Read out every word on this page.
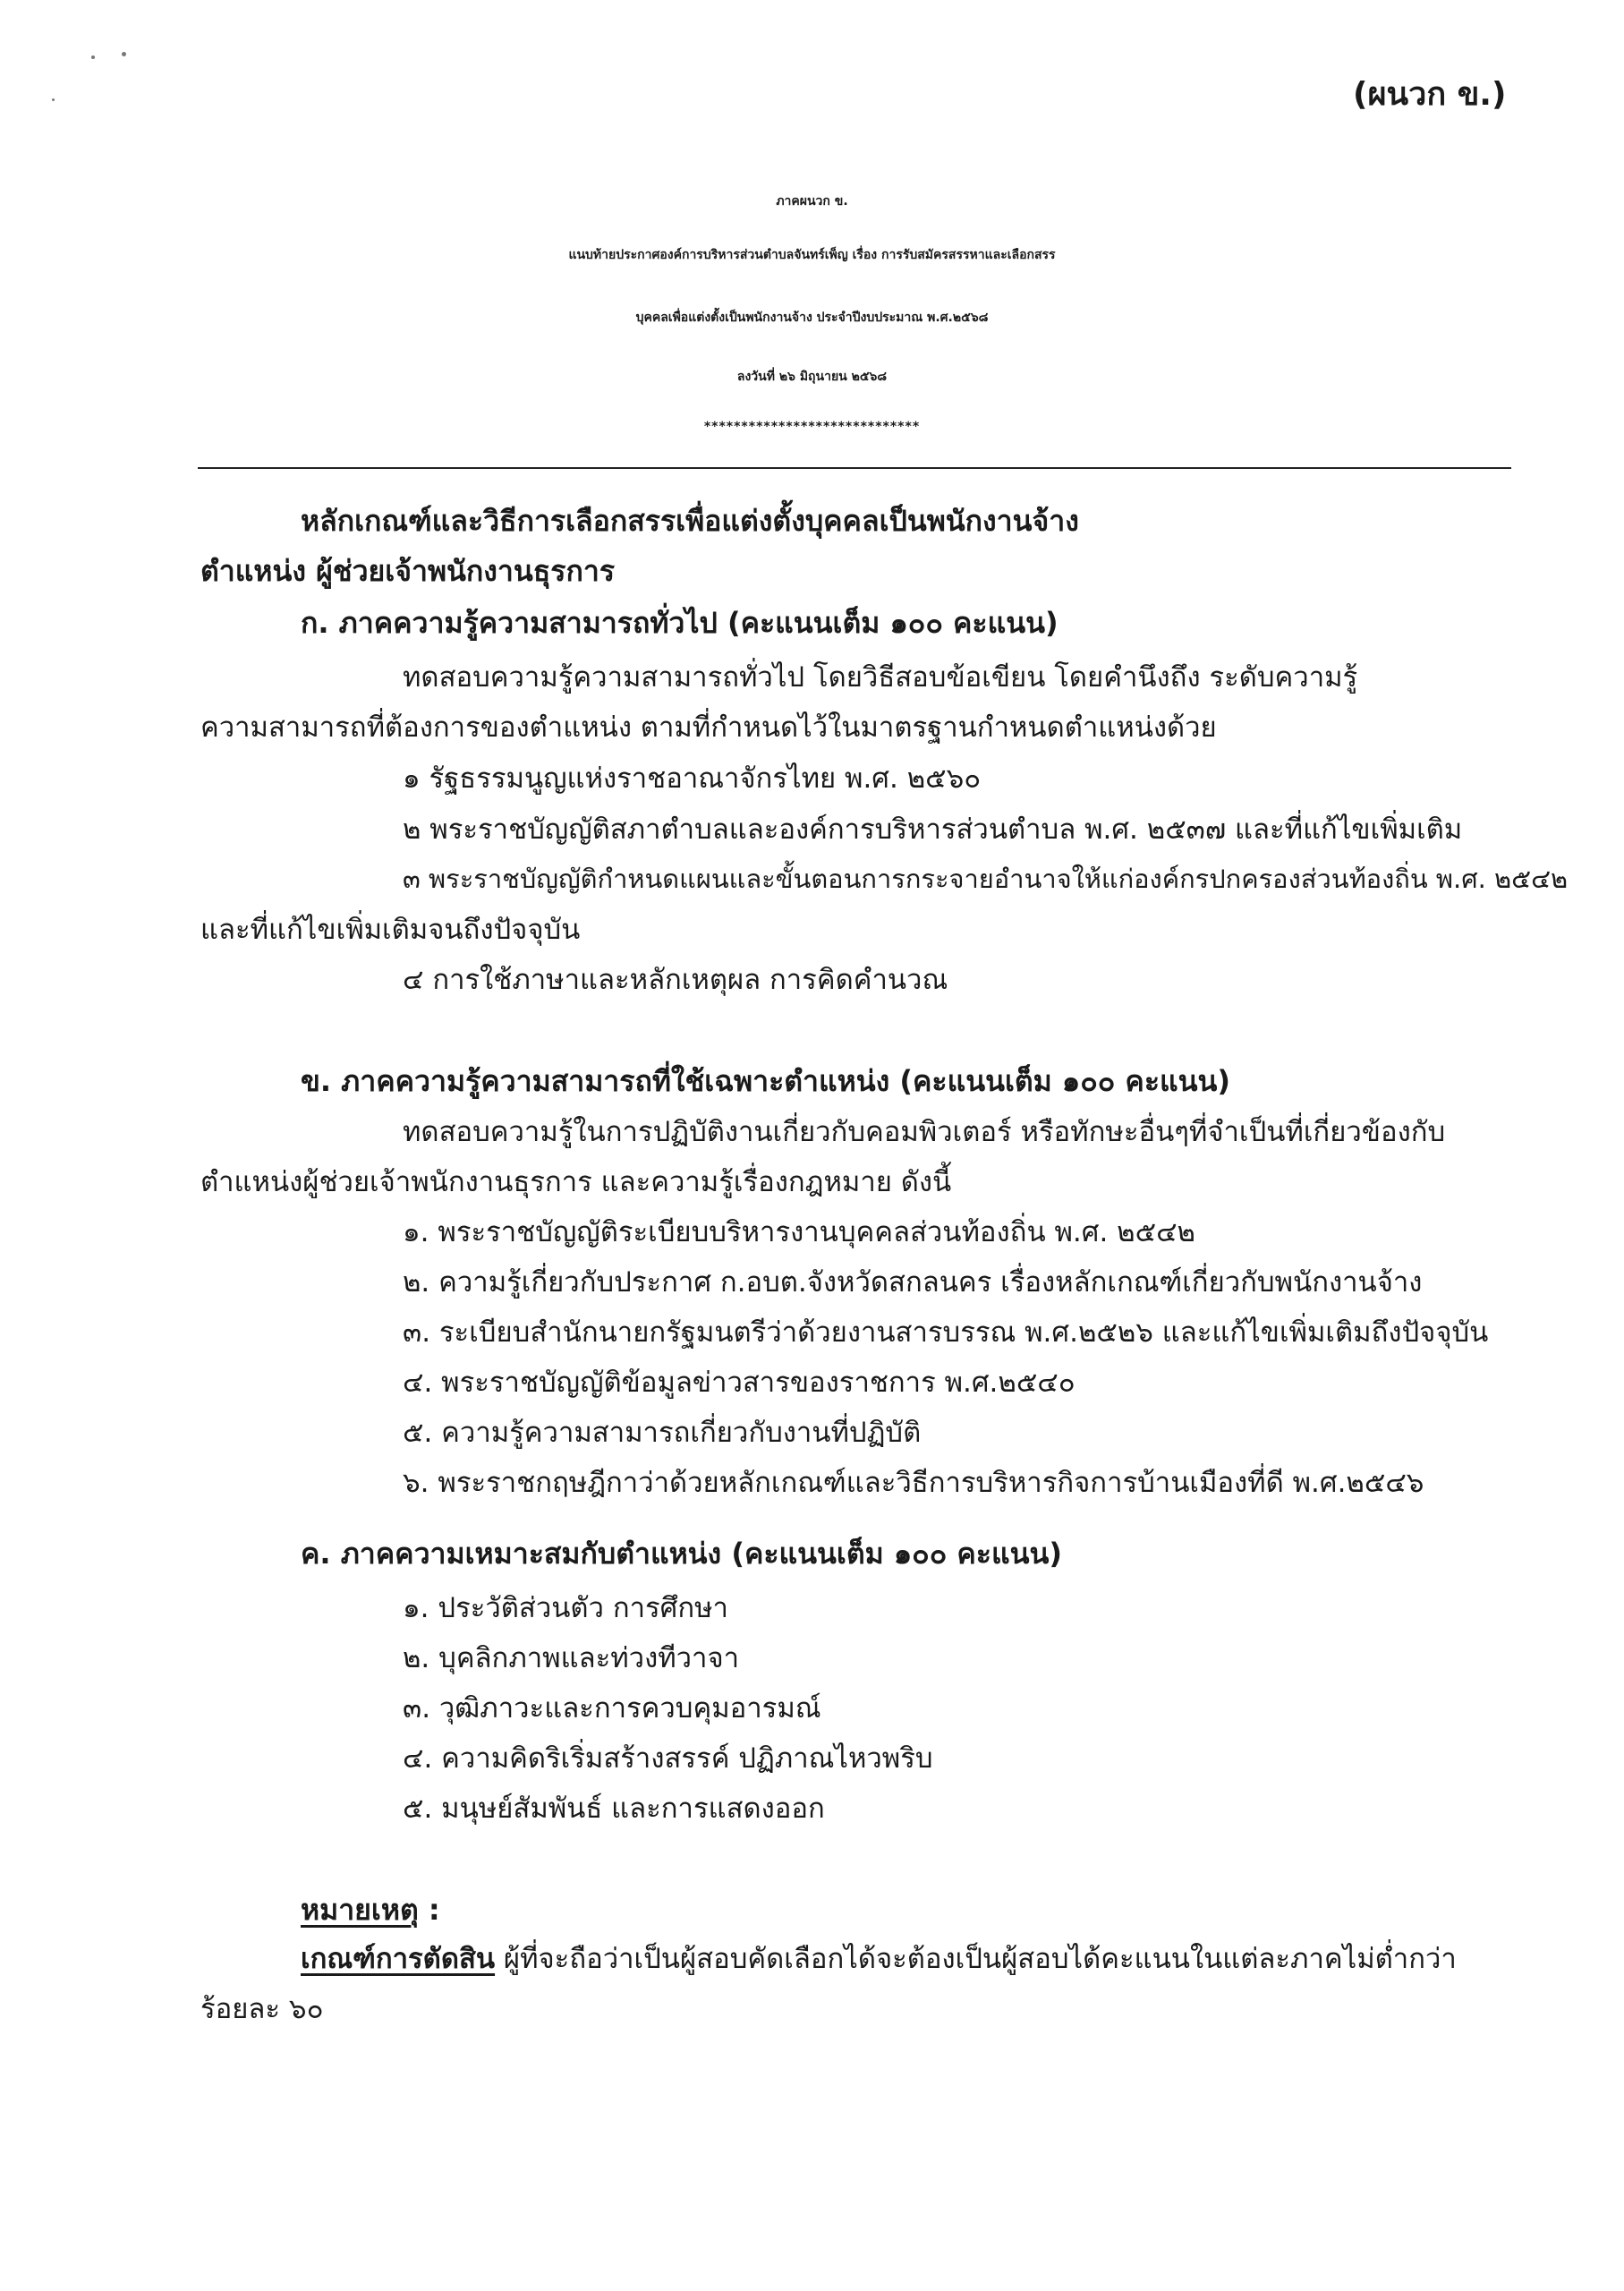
(ผนวก ข.)
ภาคผนวก ข.
แนบท้ายประกาศองค์การบริหารส่วนตำบลจันทร์เพ็ญ เรื่อง การรับสมัครสรรหาและเลือกสรร
บุคคลเพื่อแต่งตั้งเป็นพนักงานจ้าง ประจำปีงบประมาณ พ.ศ.๒๕๖๘
ลงวันที่ ๒๖ มิถุนายน ๒๕๖๘
*****************************
หลักเกณฑ์และวิธีการเลือกสรรเพื่อแต่งตั้งบุคคลเป็นพนักงานจ้าง
ตำแหน่ง ผู้ช่วยเจ้าพนักงานธุรการ
ก. ภาคความรู้ความสามารถทั่วไป (คะแนนเต็ม ๑๐๐ คะแนน)
ทดสอบความรู้ความสามารถทั่วไป โดยวิธีสอบข้อเขียน โดยคำนึงถึง ระดับความรู้
ความสามารถที่ต้องการของตำแหน่ง ตามที่กำหนดไว้ในมาตรฐานกำหนดตำแหน่งด้วย
๑ รัฐธรรมนูญแห่งราชอาณาจักรไทย พ.ศ. ๒๕๖๐
๒ พระราชบัญญัติสภาตำบลและองค์การบริหารส่วนตำบล พ.ศ. ๒๕๓๗ และที่แก้ไขเพิ่มเติม
๓ พระราชบัญญัติกำหนดแผนและขั้นตอนการกระจายอำนาจให้แก่องค์กรปกครองส่วนท้องถิ่น พ.ศ. ๒๕๔๒
และที่แก้ไขเพิ่มเติมจนถึงปัจจุบัน
๔ การใช้ภาษาและหลักเหตุผล การคิดคำนวณ
ข. ภาคความรู้ความสามารถที่ใช้เฉพาะตำแหน่ง (คะแนนเต็ม ๑๐๐ คะแนน)
ทดสอบความรู้ในการปฏิบัติงานเกี่ยวกับคอมพิวเตอร์ หรือทักษะอื่นๆที่จำเป็นที่เกี่ยวข้องกับ
ตำแหน่งผู้ช่วยเจ้าพนักงานธุรการ และความรู้เรื่องกฎหมาย ดังนี้
๑. พระราชบัญญัติระเบียบบริหารงานบุคคลส่วนท้องถิ่น พ.ศ. ๒๕๔๒
๒. ความรู้เกี่ยวกับประกาศ ก.อบต.จังหวัดสกลนคร เรื่องหลักเกณฑ์เกี่ยวกับพนักงานจ้าง
๓. ระเบียบสำนักนายกรัฐมนตรีว่าด้วยงานสารบรรณ พ.ศ.๒๕๒๖ และแก้ไขเพิ่มเติมถึงปัจจุบัน
๔. พระราชบัญญัติข้อมูลข่าวสารของราชการ พ.ศ.๒๕๔๐
๕. ความรู้ความสามารถเกี่ยวกับงานที่ปฏิบัติ
๖. พระราชกฤษฎีกาว่าด้วยหลักเกณฑ์และวิธีการบริหารกิจการบ้านเมืองที่ดี พ.ศ.๒๕๔๖
ค. ภาคความเหมาะสมกับตำแหน่ง (คะแนนเต็ม ๑๐๐ คะแนน)
๑. ประวัติส่วนตัว การศึกษา
๒. บุคลิกภาพและท่วงทีวาจา
๓. วุฒิภาวะและการควบคุมอารมณ์
๔. ความคิดริเริ่มสร้างสรรค์ ปฏิภาณไหวพริบ
๕. มนุษย์สัมพันธ์ และการแสดงออก
หมายเหตุ :
เกณฑ์การตัดสิน ผู้ที่จะถือว่าเป็นผู้สอบคัดเลือกได้จะต้องเป็นผู้สอบได้คะแนนในแต่ละภาคไม่ต่ำกว่า
ร้อยละ ๖๐
